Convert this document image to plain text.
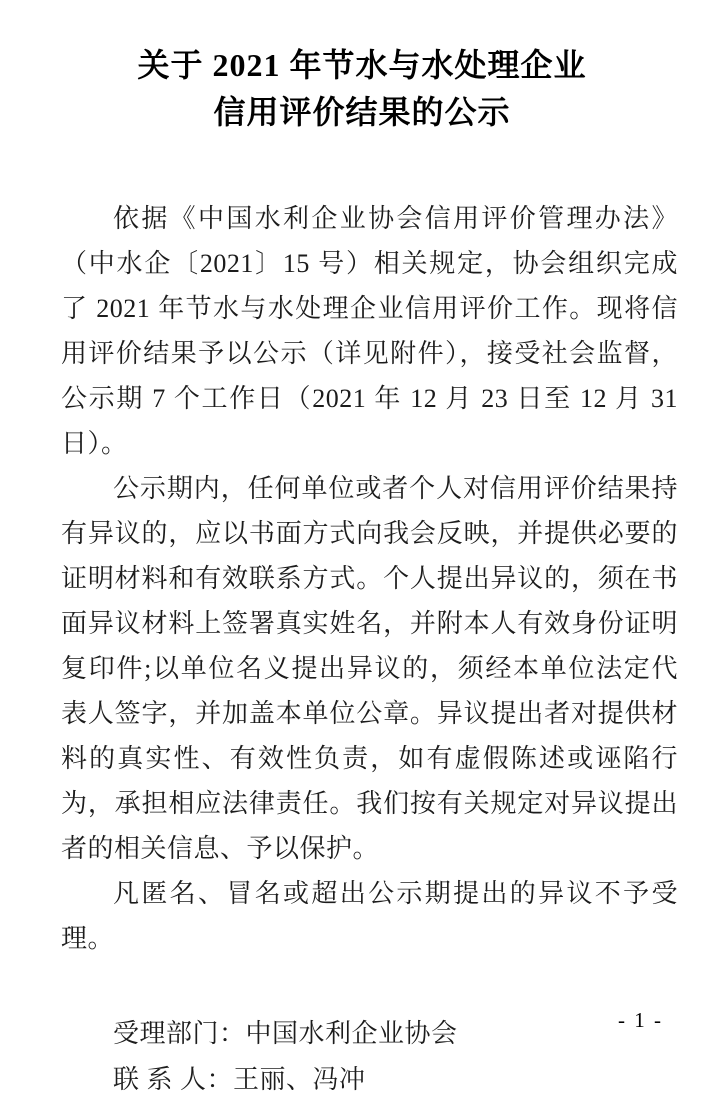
关于 2021 年节水与水处理企业
信用评价结果的公示

依据《中国水利企业协会信用评价管理办法》（中水企〔2021〕15 号）相关规定，协会组织完成了 2021 年节水与水处理企业信用评价工作。现将信用评价结果予以公示（详见附件），接受社会监督，公示期 7 个工作日（2021 年 12 月 23 日至 12 月 31 日）。

公示期内，任何单位或者个人对信用评价结果持有异议的，应以书面方式向我会反映，并提供必要的证明材料和有效联系方式。个人提出异议的，须在书面异议材料上签署真实姓名，并附本人有效身份证明复印件;以单位名义提出异议的，须经本单位法定代表人签字，并加盖本单位公章。异议提出者对提供材料的真实性、有效性负责，如有虚假陈述或诬陷行为，承担相应法律责任。我们按有关规定对异议提出者的相关信息、予以保护。

凡匿名、冒名或超出公示期提出的异议不予受理。

受理部门：中国水利企业协会
联 系 人：王丽、冯冲
- 1 -
